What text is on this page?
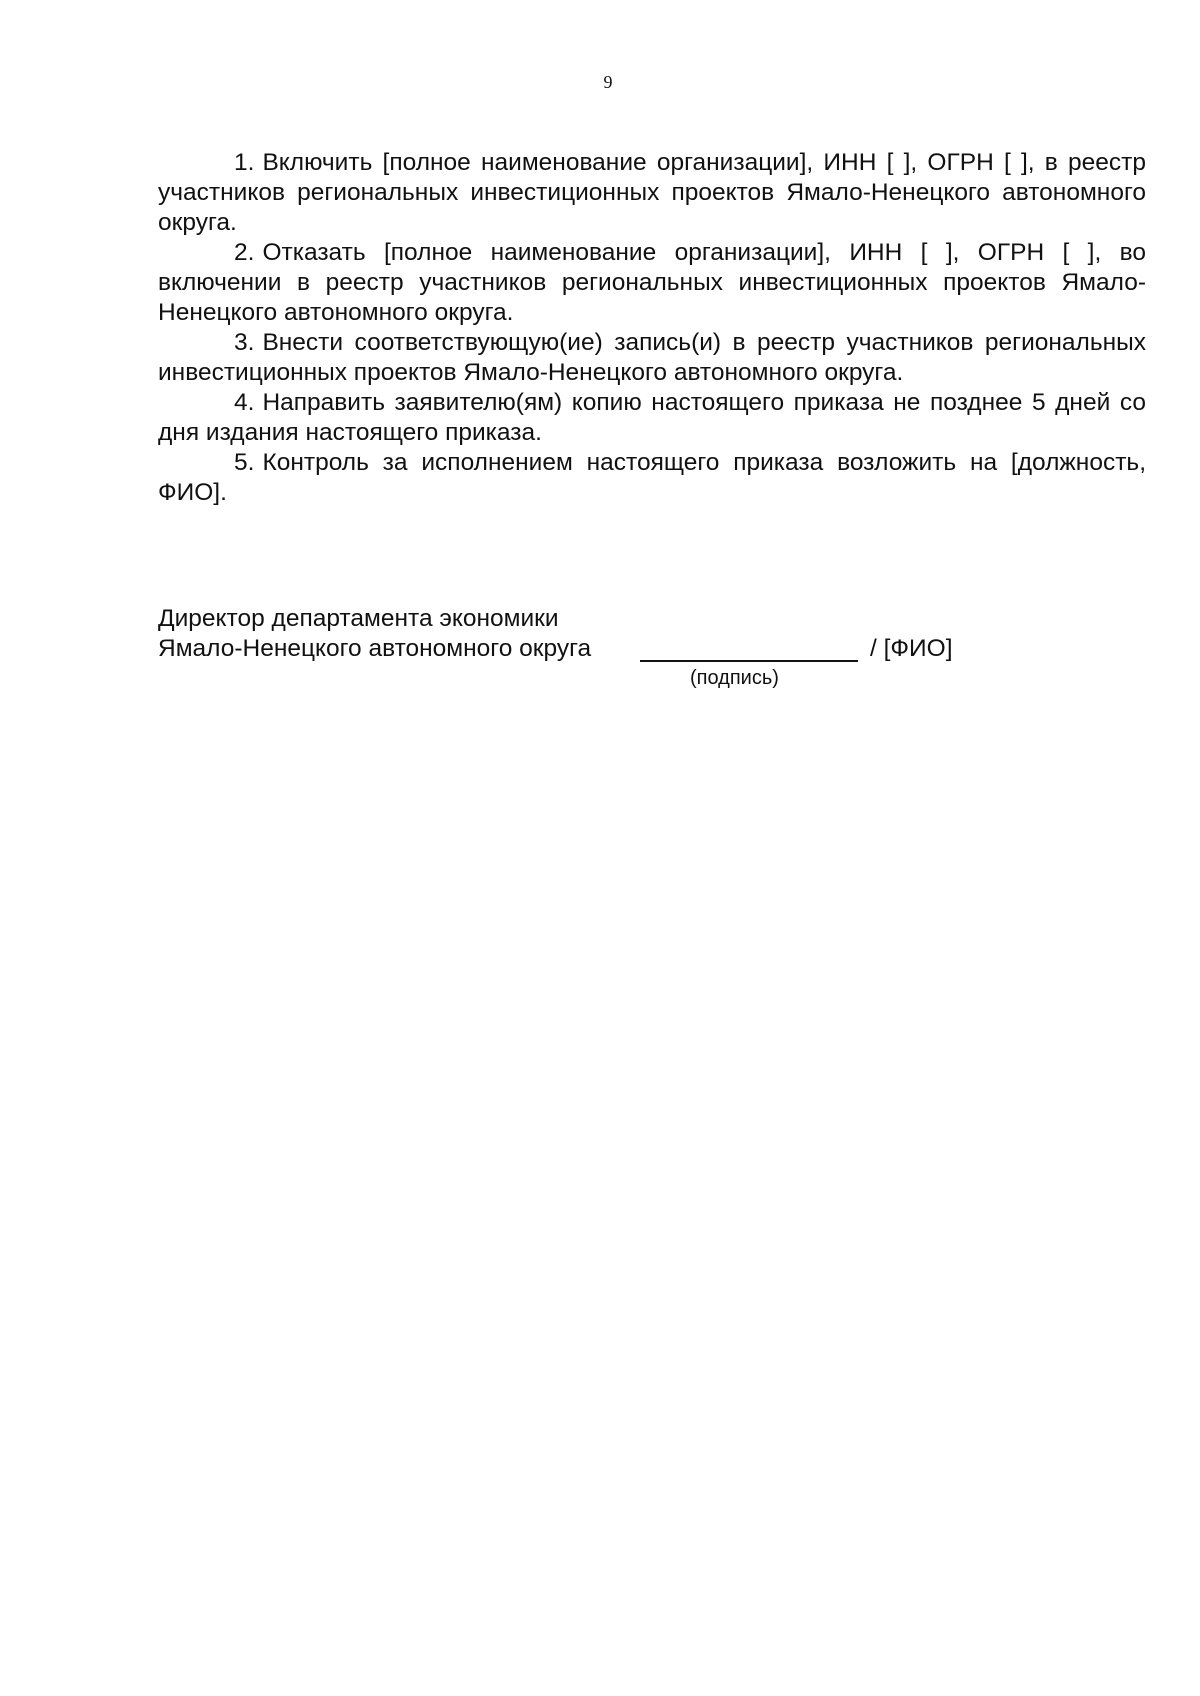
9

1. Включить [полное наименование организации], ИНН [ ], ОГРН [ ], в реестр участников региональных инвестиционных проектов Ямало-Ненецкого автономного округа.

2. Отказать [полное наименование организации], ИНН [ ], ОГРН [ ], во включении в реестр участников региональных инвестиционных проектов Ямало-Ненецкого автономного округа.

3. Внести соответствующую(ие) запись(и) в реестр участников региональных инвестиционных проектов Ямало-Ненецкого автономного округа.

4. Направить заявителю(ям) копию настоящего приказа не позднее 5 дней со дня издания настоящего приказа.

5. Контроль за исполнением настоящего приказа возложить на [должность, ФИО].

Директор департамента экономики
Ямало-Ненецкого автономного округа	/ [ФИО]
(подпись)
